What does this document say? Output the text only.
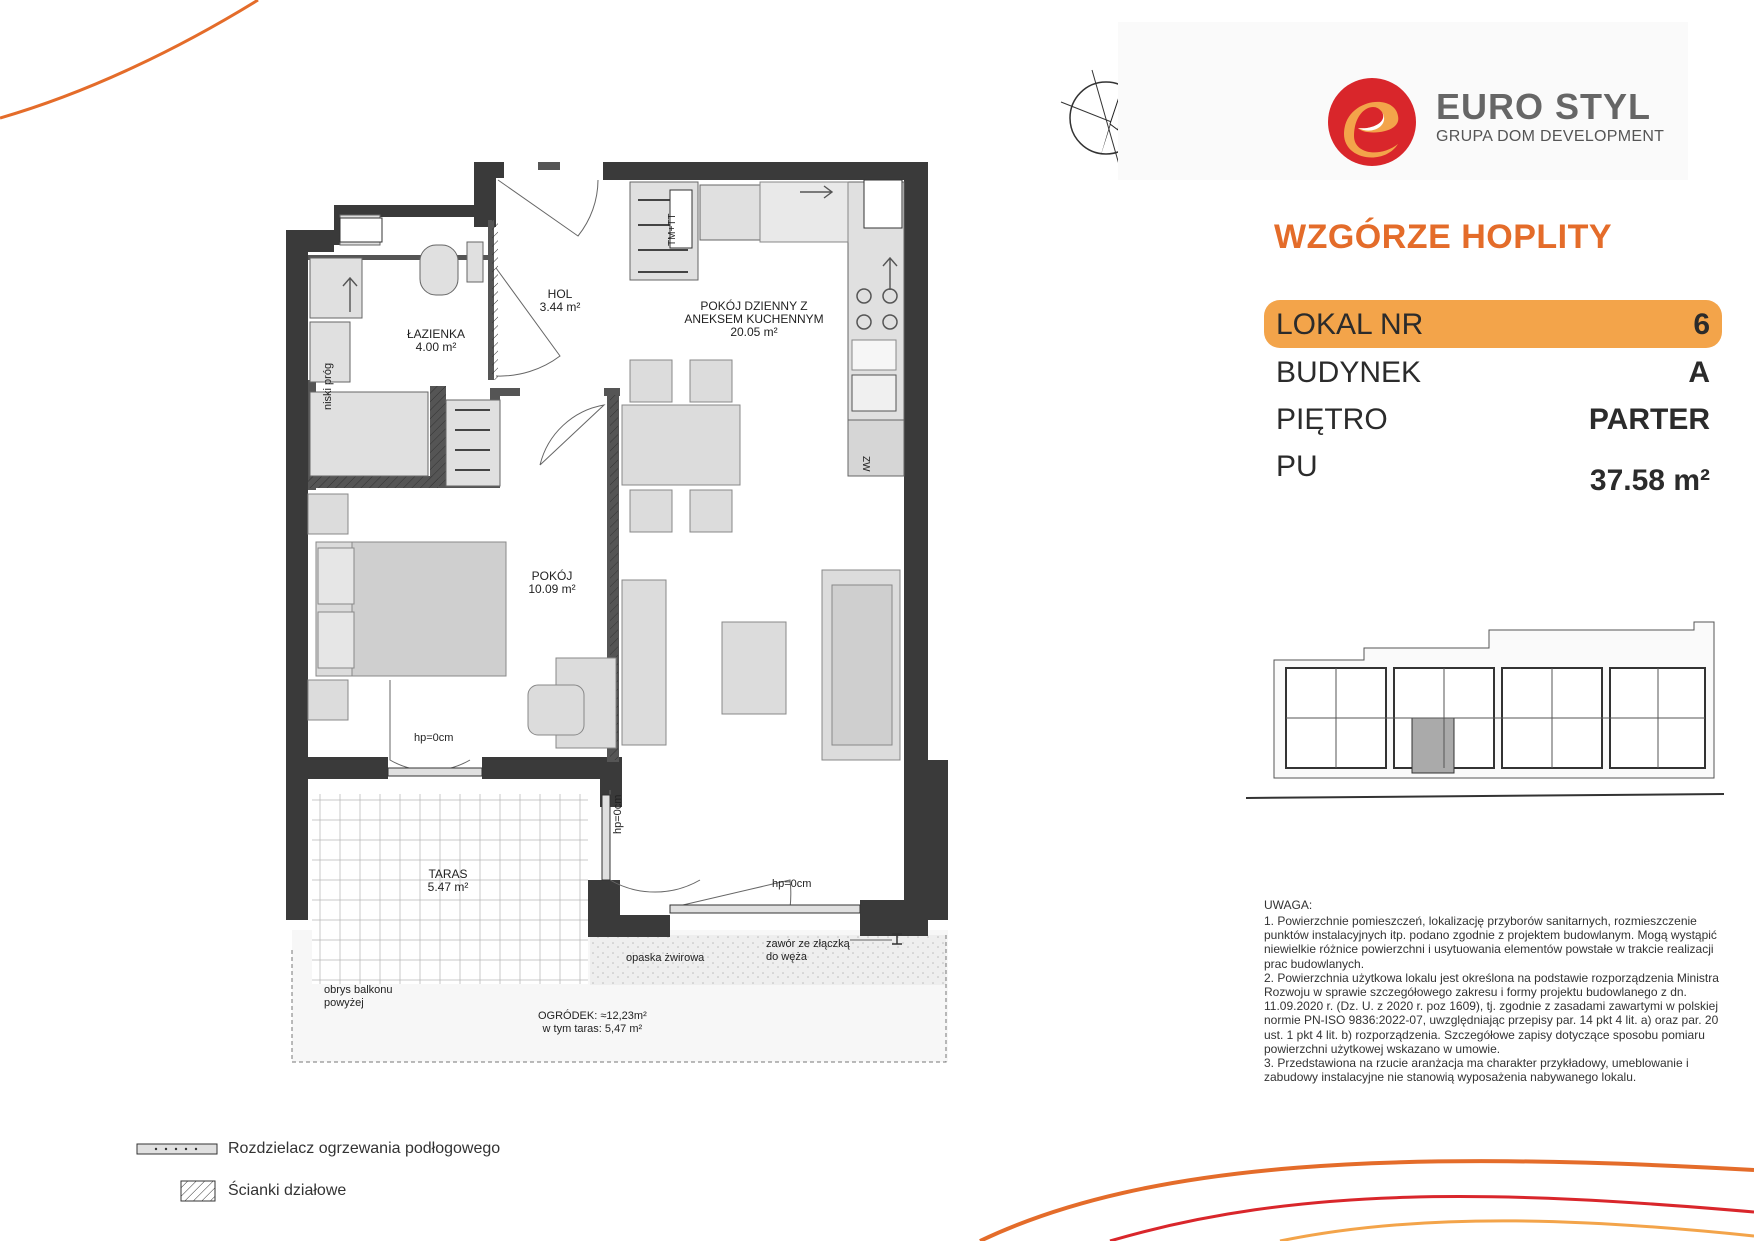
EURO STYL
GRUPA DOM DEVELOPMENT
WZGÓRZE HOPLITY
LOKAL NR	6
BUDYNEK	A
PIĘTRO	PARTER
PU	37.58 m²
HOL
3.44 m²
ŁAZIENKA
4.00 m²
POKÓJ DZIENNY Z
ANEKSEM KUCHENNYM
20.05 m²
POKÓJ
10.09 m²
TARAS
5.47 m²
hp=0cm
hp=0cm
hp=0cm
niski próg
TM+TT
ZW
opaska żwirowa
zawór ze złączką
do węża
obrys balkonu
powyżej
OGRÓDEK: ≈12,23m²
w tym taras: 5,47 m²
UWAGA:

1. Powierzchnie pomieszczeń, lokalizację przyborów sanitarnych, rozmieszczenie punktów instalacyjnych itp. podano zgodnie z projektem budowlanym. Mogą wystąpić niewielkie różnice powierzchni i usytuowania elementów powstałe w trakcie realizacji prac budowlanych.

2. Powierzchnia użytkowa lokalu jest określona na podstawie rozporządzenia Ministra Rozwoju w sprawie szczegółowego zakresu i formy projektu budowlanego z dn. 11.09.2020 r. (Dz. U. z 2020 r. poz 1609), tj. zgodnie z zasadami zawartymi w polskiej normie PN-ISO 9836:2022-07, uwzględniając przepisy par. 14 pkt 4 lit. a) oraz par. 20 ust. 1 pkt 4 lit. b) rozporządzenia. Szczegółowe zapisy dotyczące sposobu pomiaru powierzchni użytkowej wskazano w umowie.

3. Przedstawiona na rzucie aranżacja ma charakter przykładowy, umeblowanie i zabudowy instalacyjne nie stanowią wyposażenia nabywanego lokalu.

Rozdzielacz ogrzewania podłogowego
Ścianki działowe
